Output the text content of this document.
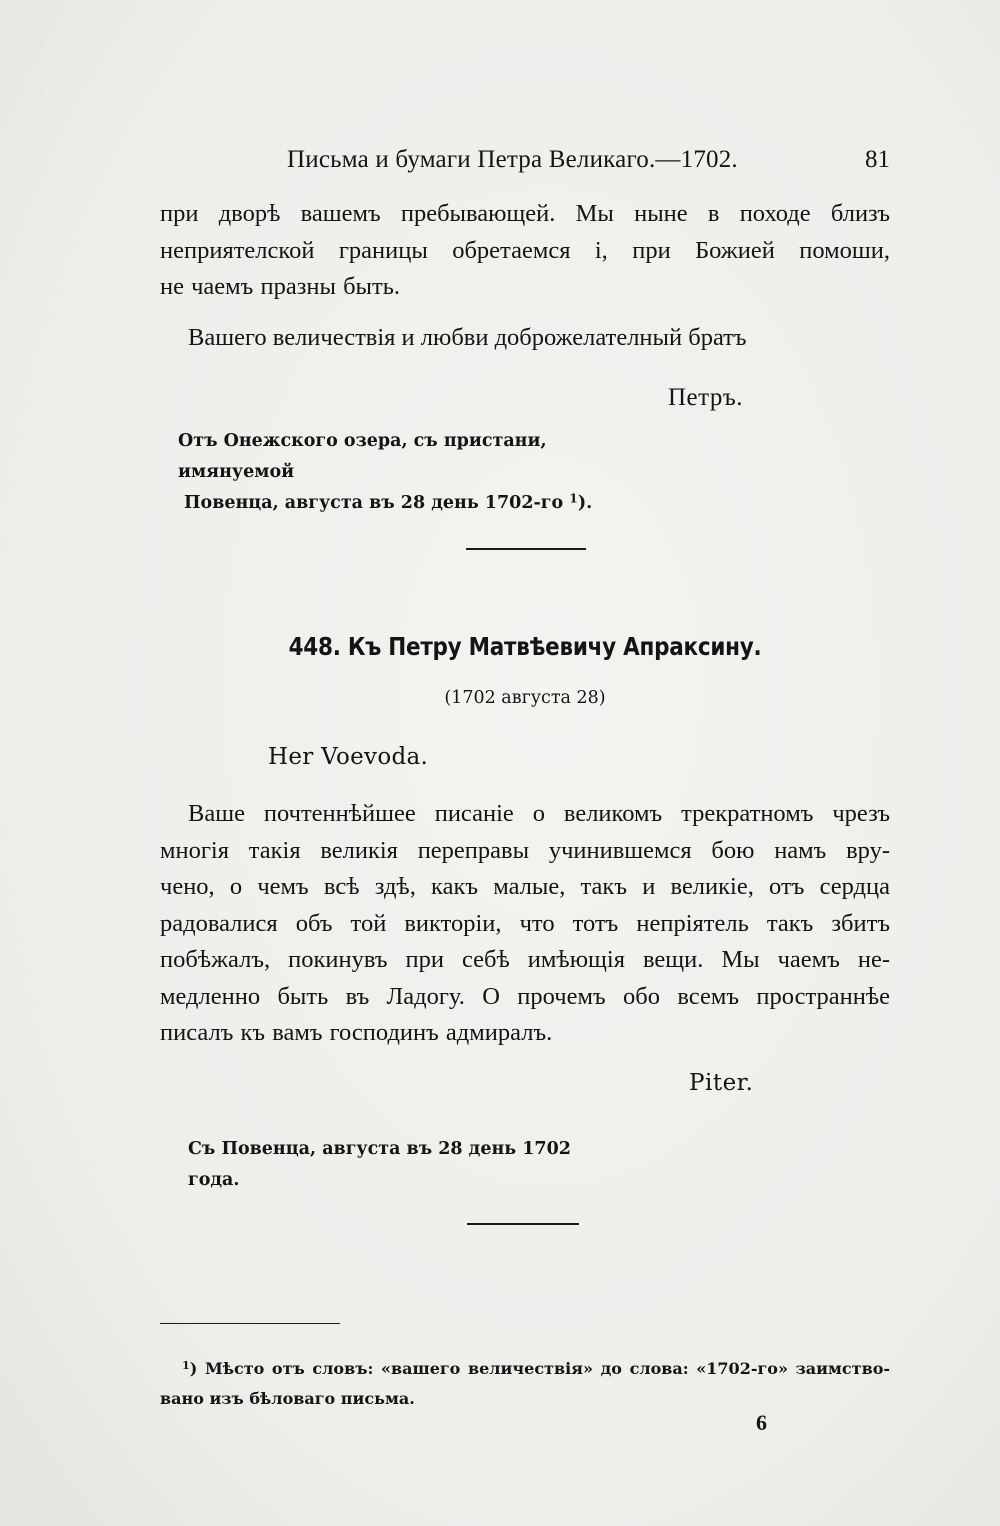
Письма и бумаги Петра Великаго.—1702.	81
при дворѣ вашемъ пребывающей. Мы ныне в походе близъ
неприятелской границы обретаемся і, при Божией помоши,
не чаемъ празны быть.
Вашего величествія и любви доброжелателный братъ
Петръ.
Отъ Онежского озера, съ пристани, имянуемой
Повенца, августа въ 28 день 1702-го $^1$).
448. Къ Петру Матвѣевичу Апраксину.
(1702 августа 28)
Her Voevoda.
Ваше почтеннѣйшее писаніе о великомъ трекратномъ чрезъ
многія такія великія переправы учинившемся бою намъ вру-
чено, о чемъ всѣ здѣ, какъ малые, такъ и великіе, отъ сердца
радовалися объ той викторіи, что тотъ непріятель такъ збитъ
побѣжалъ, покинувъ при себѣ имѣющія вещи. Мы чаемъ не-
медленно быть въ Ладогу. О прочемъ обо всемъ пространнѣе
писалъ къ вамъ господинъ адмиралъ.
Piter.
Съ Повенца, августа въ 28 день 1702 года.
$^1$) Мѣсто отъ словъ: «вашего величествія» до слова: «1702-го» заимство-
вано изъ бѣловаго письма.
6
